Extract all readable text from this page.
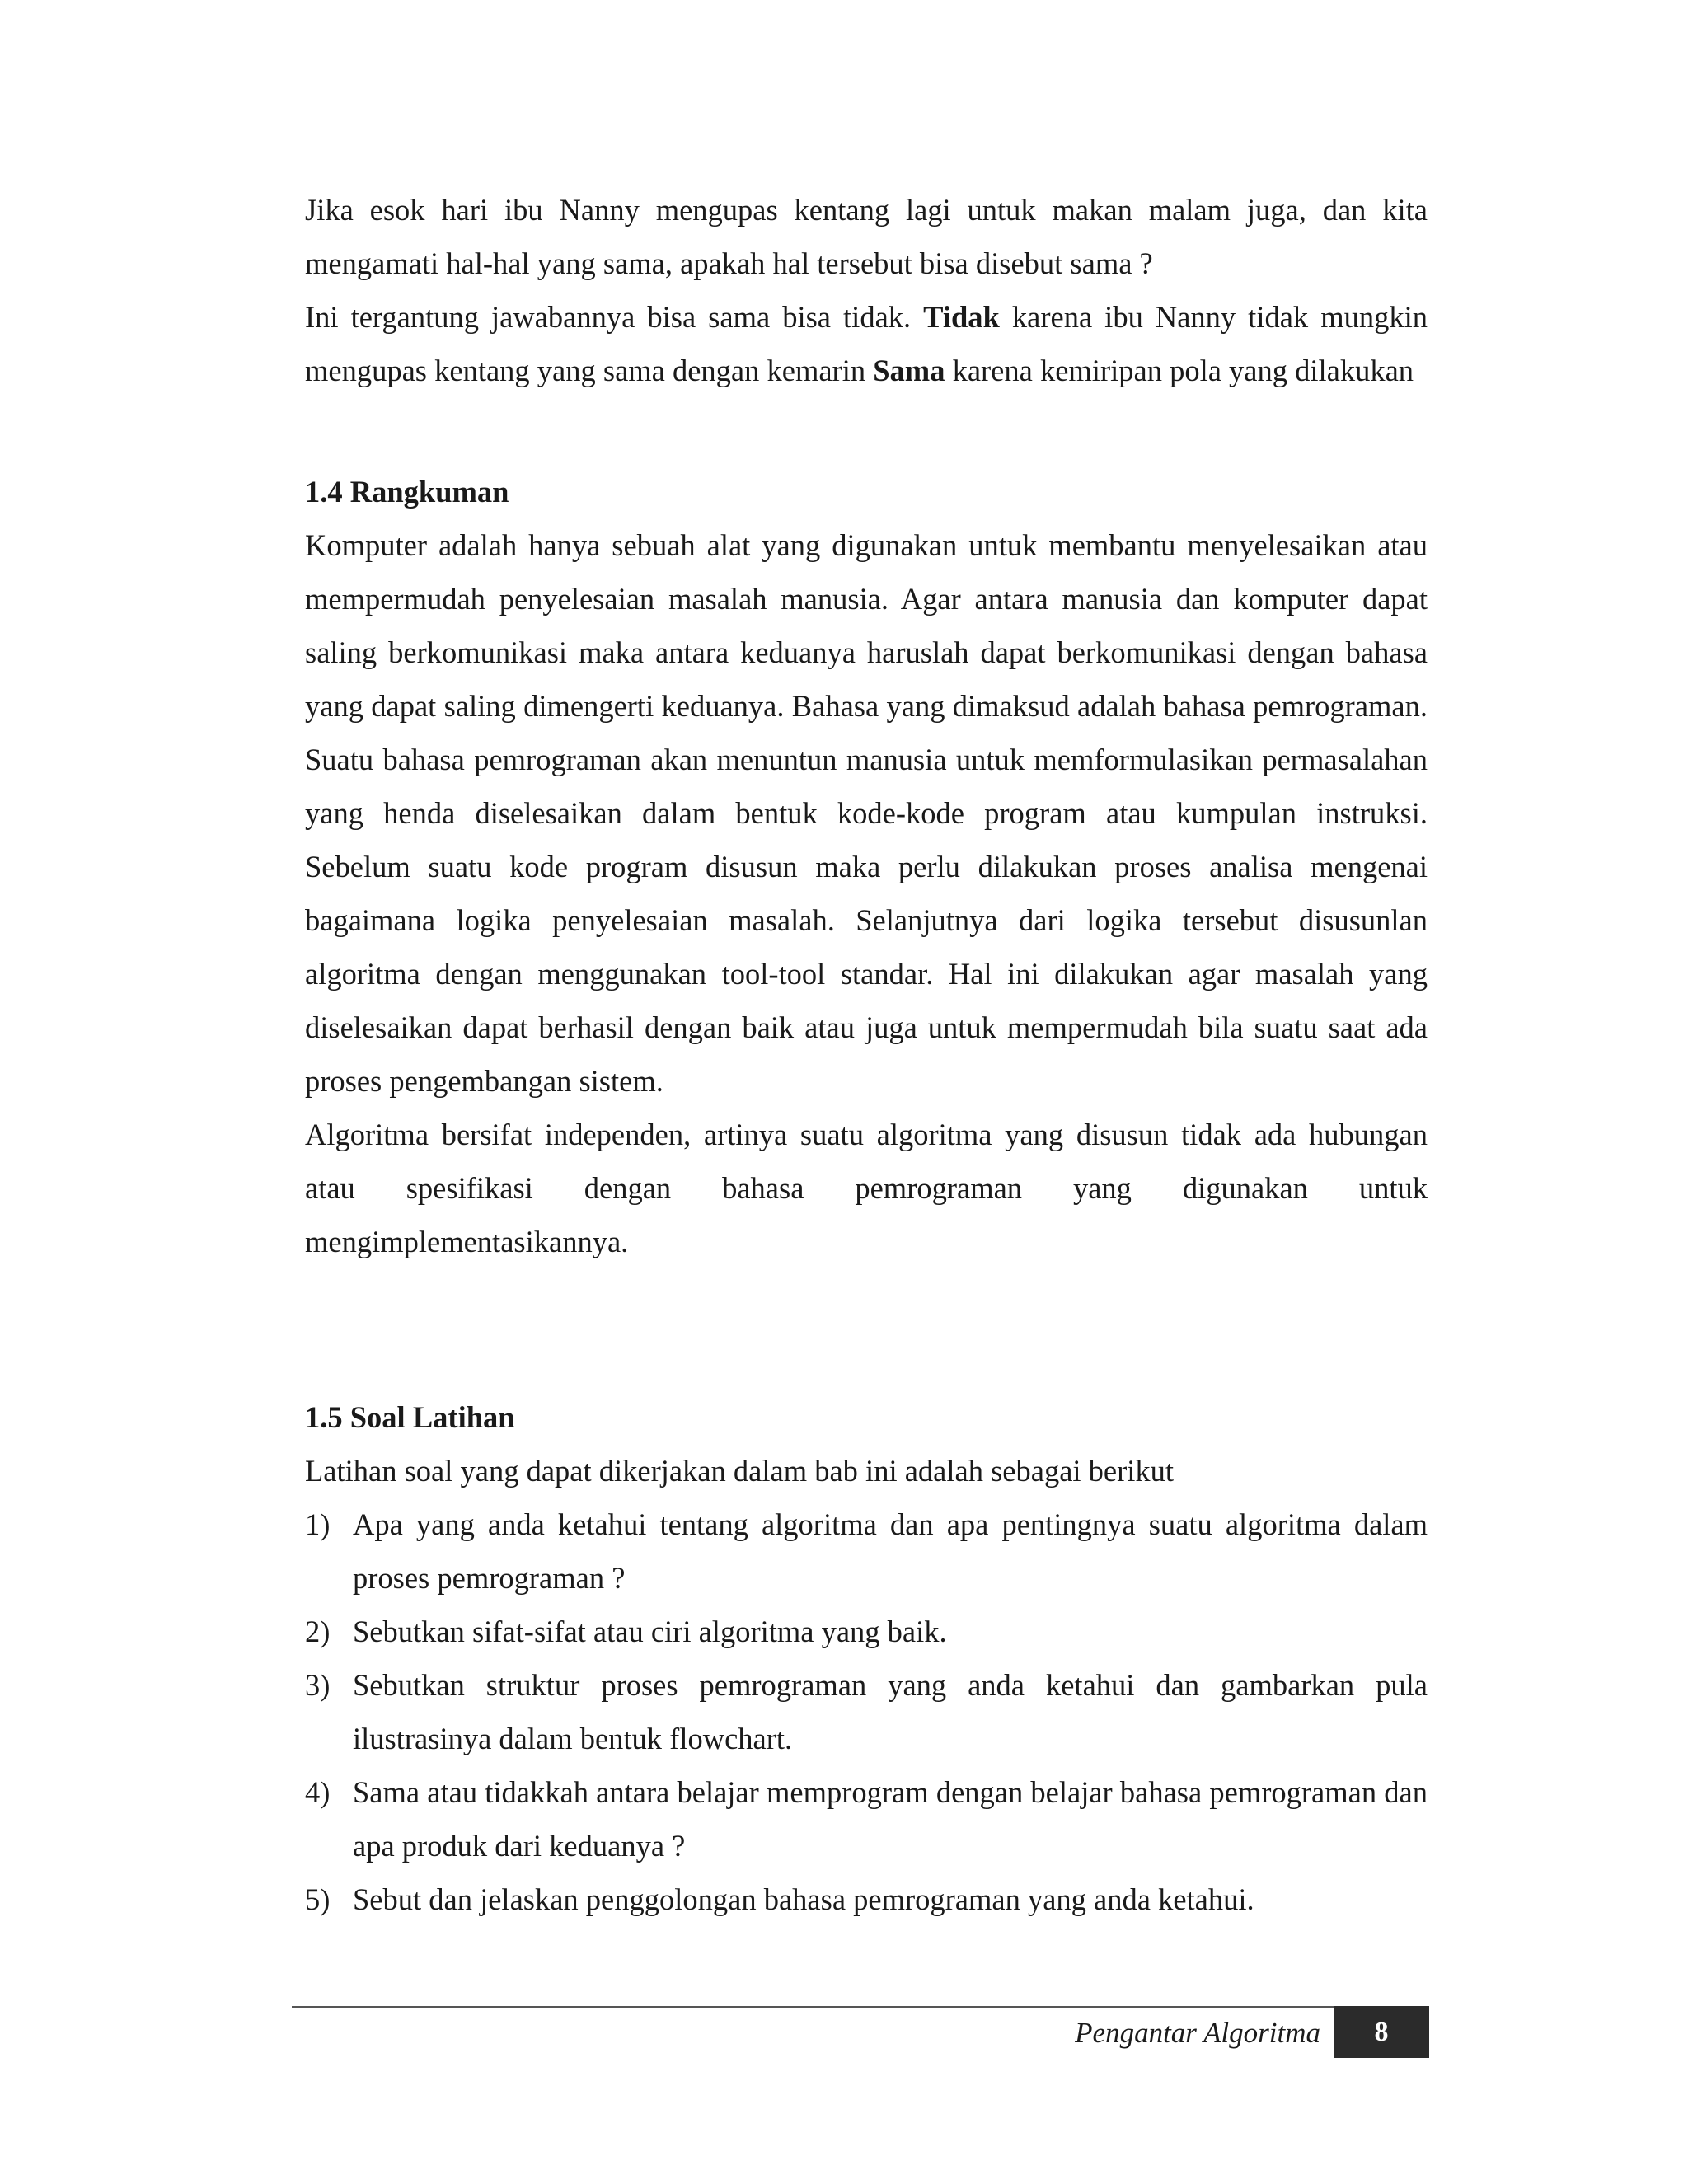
Jika esok hari ibu Nanny mengupas kentang lagi untuk makan malam juga, dan kita mengamati hal-hal yang sama, apakah hal tersebut bisa disebut sama ?

Ini tergantung jawabannya bisa sama bisa tidak. Tidak karena ibu Nanny tidak mungkin mengupas kentang yang sama dengan kemarin Sama karena kemiripan pola yang dilakukan

1.4 Rangkuman

Komputer adalah hanya sebuah alat yang digunakan untuk membantu menyelesaikan atau mempermudah penyelesaian masalah manusia. Agar antara manusia dan komputer dapat saling berkomunikasi maka antara keduanya haruslah dapat berkomunikasi dengan bahasa yang dapat saling dimengerti keduanya. Bahasa yang dimaksud adalah bahasa pemrograman. Suatu bahasa pemrograman akan menuntun manusia untuk memformulasikan permasalahan yang henda diselesaikan dalam bentuk kode-kode program atau kumpulan instruksi. Sebelum suatu kode program disusun maka perlu dilakukan proses analisa mengenai bagaimana logika penyelesaian masalah. Selanjutnya dari logika tersebut disusunlan algoritma dengan menggunakan tool-tool standar. Hal ini dilakukan agar masalah yang diselesaikan dapat berhasil dengan baik atau juga untuk mempermudah bila suatu saat ada proses pengembangan sistem.

Algoritma bersifat independen, artinya suatu algoritma yang disusun tidak ada hubungan atau spesifikasi dengan bahasa pemrograman yang digunakan untuk mengimplementasikannya.

1.5 Soal Latihan

Latihan soal yang dapat dikerjakan dalam bab ini adalah sebagai berikut

1) Apa yang anda ketahui tentang algoritma dan apa pentingnya suatu algoritma dalam proses pemrograman ?
2) Sebutkan sifat-sifat atau ciri algoritma yang baik.
3) Sebutkan struktur proses pemrograman yang anda ketahui dan gambarkan pula ilustrasinya dalam bentuk flowchart.
4) Sama atau tidakkah antara belajar memprogram dengan belajar bahasa pemrograman dan apa produk dari keduanya ?
5) Sebut dan jelaskan penggolongan bahasa pemrograman yang anda ketahui.
Pengantar Algoritma	8
